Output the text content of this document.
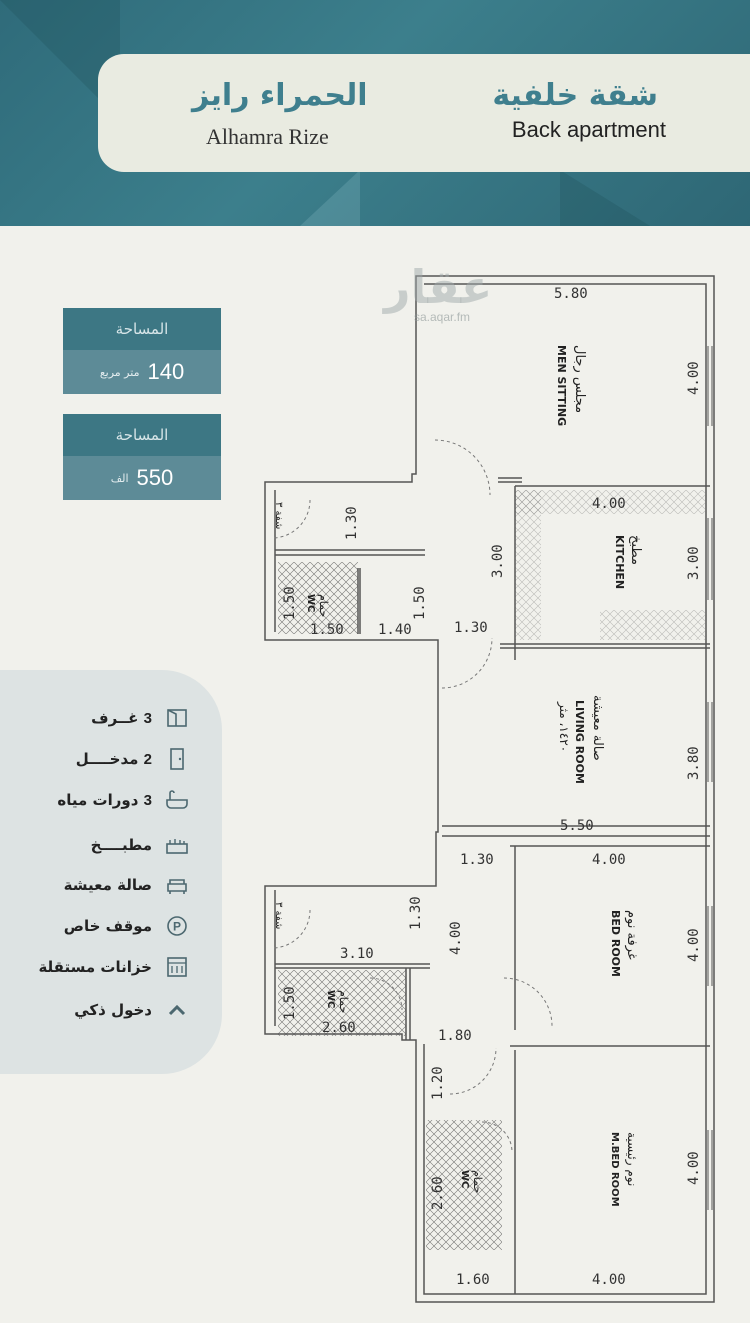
شقة خلفية
Back apartment
الحمراء رايز
Alhamra Rize
المساحة
متر مربع 140
المساحة
الف 550
3 غــرف
2 مدخــــل
3 دورات مياه
مطبــــخ
صالة معيشة
موقف خاص P
خزانات مستقلة
دخول ذكي
5.80
4.00
4.00
3.00	3.00
1.30
1.50	1.50
1.50 1.40	1.30
3.80
5.50
1.30	4.00
4.00
1.30
3.10	4.00
1.50
2.60	1.80
1.20
4.00
2.60
1.60	4.00
مجلس رجال
MEN SITTING
مطبخ
KITCHEN
صالة معيشة
LIVING ROOM
١٤٢٠، مثر
غرفة نوم
BED ROOM
نوم رئيسية
M.BED ROOM
حمام
WC
حمام
WC
حمام
WC
شفة ٣
شفة ٣
عقار
sa.aqar.fm
